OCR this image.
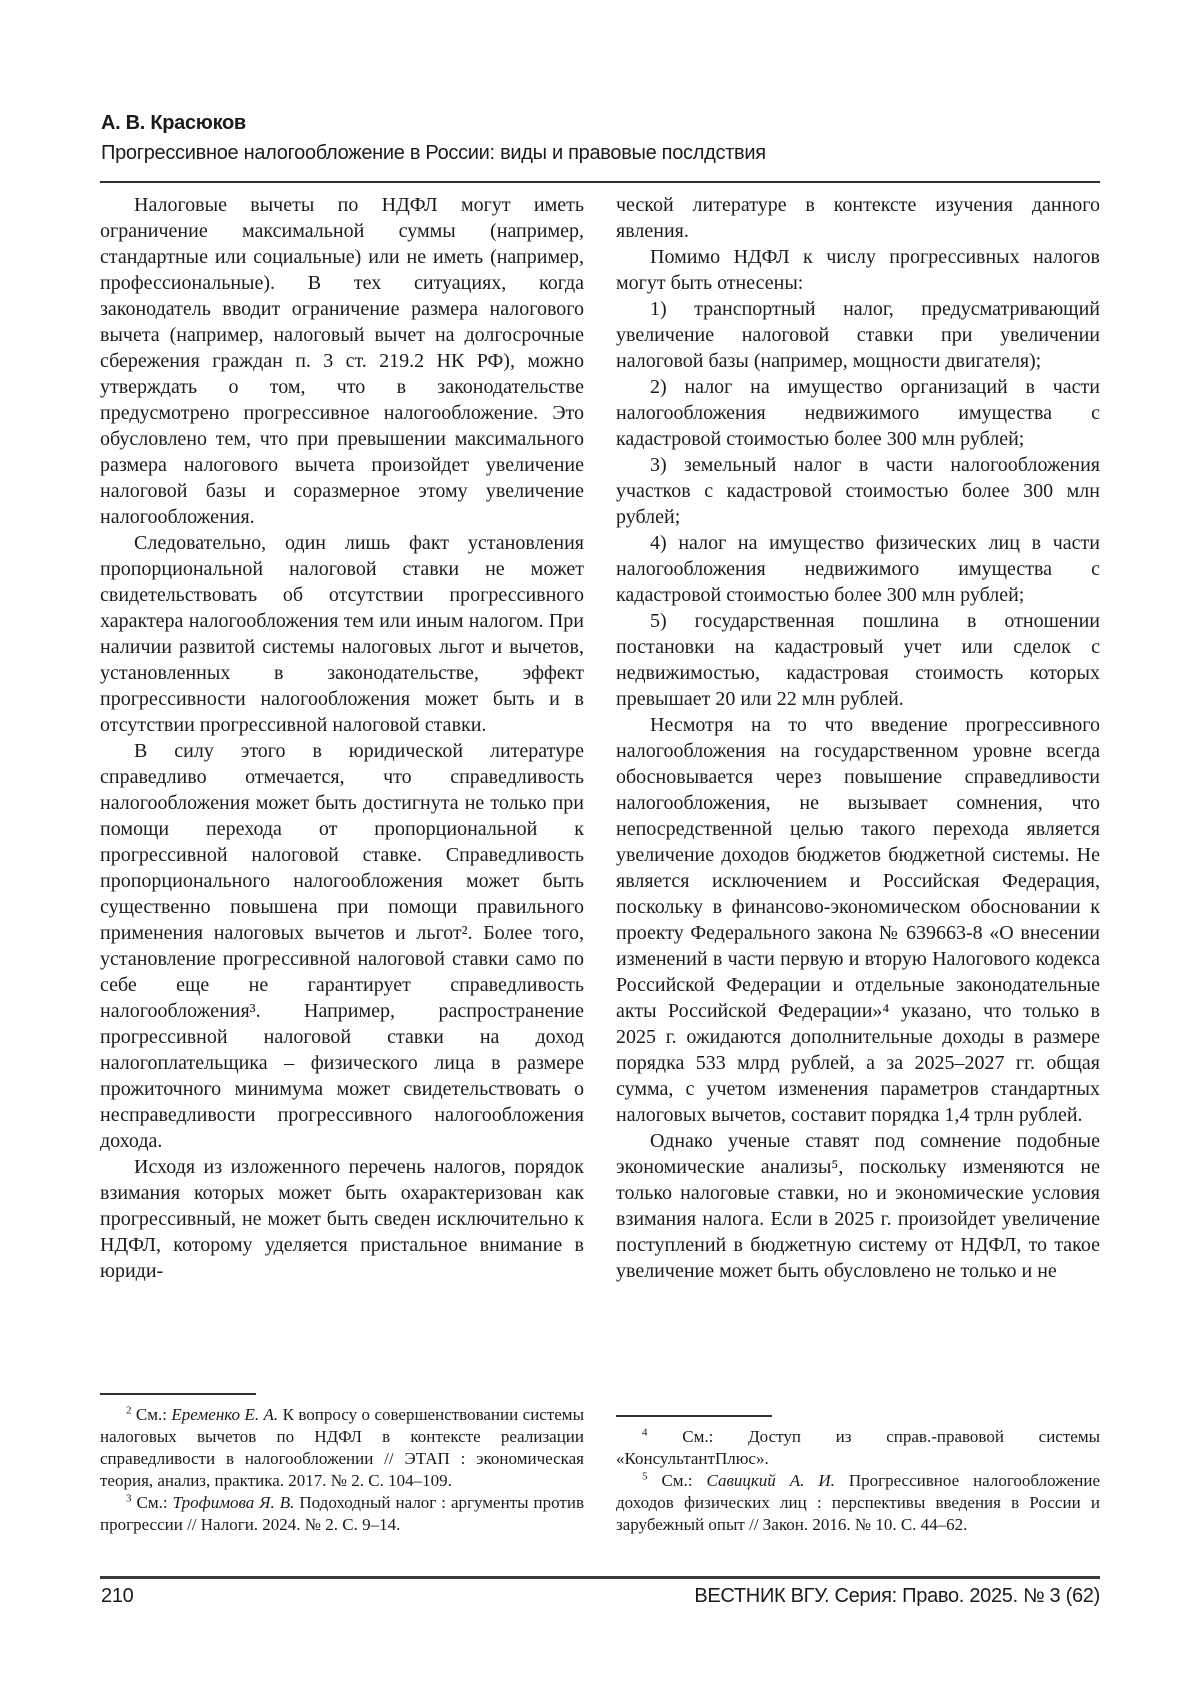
А. В. Красюков
Прогрессивное налогообложение в России: виды и правовые послдствия

Налоговые вычеты по НДФЛ могут иметь ограничение максимальной суммы (например, стандартные или социальные) или не иметь (например, профессиональные). В тех ситуациях, когда законодатель вводит ограничение размера налогового вычета (например, налоговый вычет на долгосрочные сбережения граждан п. 3 ст. 219.2 НК РФ), можно утверждать о том, что в законодательстве предусмотрено прогрессивное налогообложение. Это обусловлено тем, что при превышении максимального размера налогового вычета произойдет увеличение налоговой базы и соразмерное этому увеличение налогообложения.

Следовательно, один лишь факт установления пропорциональной налоговой ставки не может свидетельствовать об отсутствии прогрессивного характера налогообложения тем или иным налогом. При наличии развитой системы налоговых льгот и вычетов, установленных в законодательстве, эффект прогрессивности налогообложения может быть и в отсутствии прогрессивной налоговой ставки.

В силу этого в юридической литературе справедливо отмечается, что справедливость налогообложения может быть достигнута не только при помощи перехода от пропорциональной к прогрессивной налоговой ставке. Справедливость пропорционального налогообложения может быть существенно повышена при помощи правильного применения налоговых вычетов и льгот². Более того, установление прогрессивной налоговой ставки само по себе еще не гарантирует справедливость налогообложения³. Например, распространение прогрессивной налоговой ставки на доход налогоплательщика – физического лица в размере прожиточного минимума может свидетельствовать о несправедливости прогрессивного налогообложения дохода.

Исходя из изложенного перечень налогов, порядок взимания которых может быть охарактеризован как прогрессивный, не может быть сведен исключительно к НДФЛ, которому уделяется пристальное внимание в юриди-

$^2$ См.: Еременко Е. А. К вопросу о совершенствовании системы налоговых вычетов по НДФЛ в контексте реализации справедливости в налогообложении // ЭТАП : экономическая теория, анализ, практика. 2017. № 2. С. 104–109.

$^3$ См.: Трофимова Я. В. Подоходный налог : аргументы против прогрессии // Налоги. 2024. № 2. С. 9–14.

ческой литературе в контексте изучения данного явления.

Помимо НДФЛ к числу прогрессивных налогов могут быть отнесены:

1) транспортный налог, предусматривающий увеличение налоговой ставки при увеличении налоговой базы (например, мощности двигателя);

2) налог на имущество организаций в части налогообложения недвижимого имущества с кадастровой стоимостью более 300 млн рублей;

3) земельный налог в части налогообложения участков с кадастровой стоимостью более 300 млн рублей;

4) налог на имущество физических лиц в части налогообложения недвижимого имущества с кадастровой стоимостью более 300 млн рублей;

5) государственная пошлина в отношении постановки на кадастровый учет или сделок с недвижимостью, кадастровая стоимость которых превышает 20 или 22 млн рублей.

Несмотря на то что введение прогрессивного налогообложения на государственном уровне всегда обосновывается через повышение справедливости налогообложения, не вызывает сомнения, что непосредственной целью такого перехода является увеличение доходов бюджетов бюджетной системы. Не является исключением и Российская Федерация, поскольку в финансово-экономическом обосновании к проекту Федерального закона № 639663-8 «О внесении изменений в части первую и вторую Налогового кодекса Российской Федерации и отдельные законодательные акты Российской Федерации»⁴ указано, что только в 2025 г. ожидаются дополнительные доходы в размере порядка 533 млрд рублей, а за 2025–2027 гг. общая сумма, с учетом изменения параметров стандартных налоговых вычетов, составит порядка 1,4 трлн рублей.

Однако ученые ставят под сомнение подобные экономические анализы⁵, поскольку изменяются не только налоговые ставки, но и экономические условия взимания налога. Если в 2025 г. произойдет увеличение поступлений в бюджетную систему от НДФЛ, то такое увеличение может быть обусловлено не только и не

$^4$ См.: Доступ из справ.-правовой системы «КонсультантПлюс».

$^5$ См.: Савицкий А. И. Прогрессивное налогообложение доходов физических лиц : перспективы введения в России и зарубежный опыт // Закон. 2016. № 10. С. 44–62.

210	ВЕСТНИК ВГУ. Серия: Право. 2025. № 3 (62)
